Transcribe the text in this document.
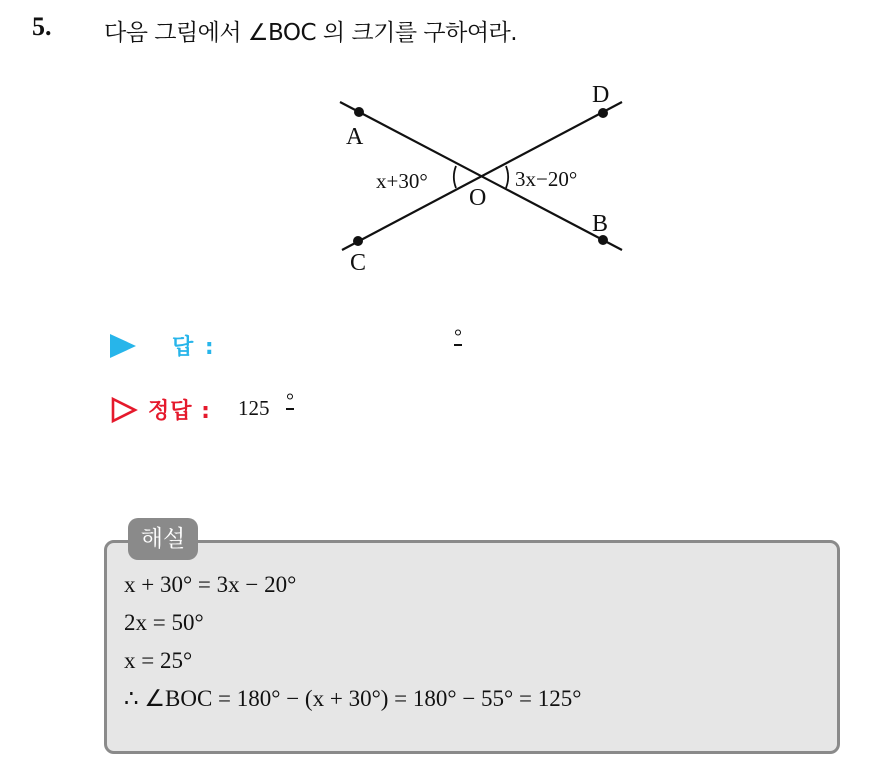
5. 다음 그림에서 ∠BOC 의 크기를 구하여라.
A
D
C
B
O
x+30°	3x−20°
답 :	°
정답 : 125 °
해설
x + 30° = 3x − 20°
2x = 50°
x = 25°
∴ ∠BOC = 180° − (x + 30°) = 180° − 55° = 125°
